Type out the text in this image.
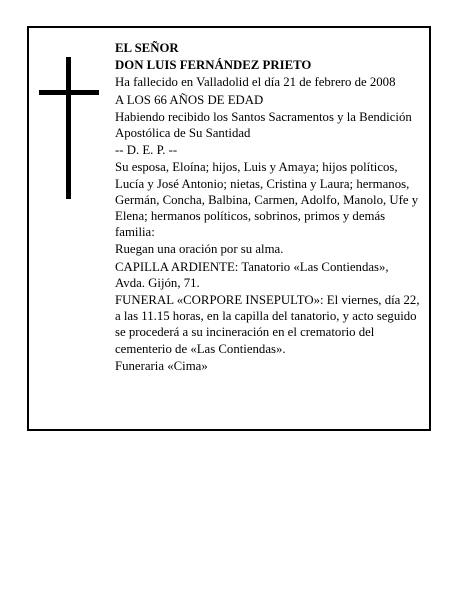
EL SEÑOR
DON LUIS FERNÁNDEZ PRIETO
Ha fallecido en Valladolid el día 21 de febrero de 2008
A LOS 66 AÑOS DE EDAD
Habiendo recibido los Santos Sacramentos y la Bendición Apostólica de Su Santidad
-- D. E. P. --
Su esposa, Eloína; hijos, Luis y Amaya; hijos políticos, Lucía y José Antonio; nietas, Cristina y Laura; hermanos, Germán, Concha, Balbina, Carmen, Adolfo, Manolo, Ufe y Elena; hermanos políticos, sobrinos, primos y demás familia:
Ruegan una oración por su alma.
CAPILLA ARDIENTE: Tanatorio «Las Contiendas», Avda. Gijón, 71.
FUNERAL «CORPORE INSEPULTO»: El viernes, día 22, a las 11.15 horas, en la capilla del tanatorio, y acto seguido se procederá a su incineración en el crematorio del cementerio de «Las Contiendas».
Funeraria «Cima»
